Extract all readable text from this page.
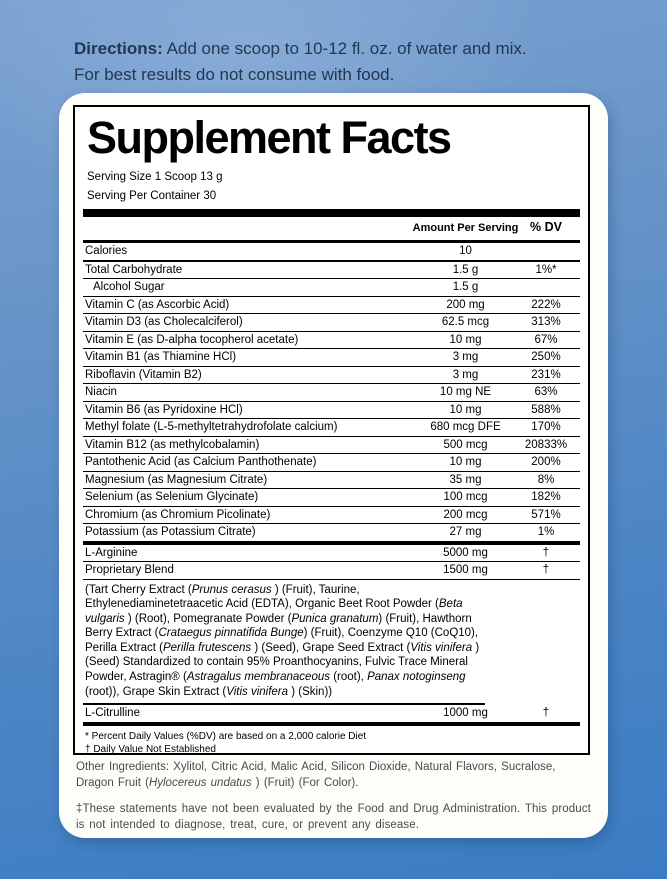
Directions: Add one scoop to 10-12 fl. oz. of water and mix.
For best results do not consume with food.
Supplement Facts
Serving Size 1 Scoop 13 g
Serving Per Container 30
Amount Per Serving % DV
Calories	10
Total Carbohydrate	1.5 g	1%*
Alcohol Sugar	1.5 g
Vitamin C (as Ascorbic Acid)	200 mg	222%
Vitamin D3 (as Cholecalciferol)	62.5 mcg	313%
Vitamin E (as D-alpha tocopherol acetate)	10 mg	67%
Vitamin B1 (as Thiamine HCl)	3 mg	250%
Riboflavin (Vitamin B2)	3 mg	231%
Niacin	10 mg NE	63%
Vitamin B6 (as Pyridoxine HCl)	10 mg	588%
Methyl folate (L-5-methyltetrahydrofolate calcium)	680 mcg DFE	170%
Vitamin B12 (as methylcobalamin)	500 mcg	20833%
Pantothenic Acid (as Calcium Panthothenate)	10 mg	200%
Magnesium (as Magnesium Citrate)	35 mg	8%
Selenium (as Selenium Glycinate)	100 mcg	182%
Chromium (as Chromium Picolinate)	200 mcg	571%
Potassium (as Potassium Citrate)	27 mg	1%
L-Arginine	5000 mg	†
Proprietary Blend	1500 mg	†
(Tart Cherry Extract (Prunus cerasus ) (Fruit), Taurine, Ethylenediaminetetraacetic Acid (EDTA), Organic Beet Root Powder (Beta vulgaris ) (Root), Pomegranate Powder (Punica granatum) (Fruit), Hawthorn Berry Extract (Crataegus pinnatifida Bunge) (Fruit), Coenzyme Q10 (CoQ10), Perilla Extract (Perilla frutescens ) (Seed), Grape Seed Extract (Vitis vinifera ) (Seed) Standardized to contain 95% Proanthocyanins, Fulvic Trace Mineral Powder, Astragin® (Astragalus membranaceous (root), Panax notoginseng (root)), Grape Skin Extract (Vitis vinifera ) (Skin))
L-Citrulline	1000 mg	†
* Percent Daily Values (%DV) are based on a 2,000 calorie Diet
† Daily Value Not Established

Other Ingredients: Xylitol, Citric Acid, Malic Acid, Silicon Dioxide, Natural Flavors, Sucralose, Dragon Fruit (Hylocereus undatus ) (Fruit) (For Color).

‡These statements have not been evaluated by the Food and Drug Administration. This product is not intended to diagnose, treat, cure, or prevent any disease.
